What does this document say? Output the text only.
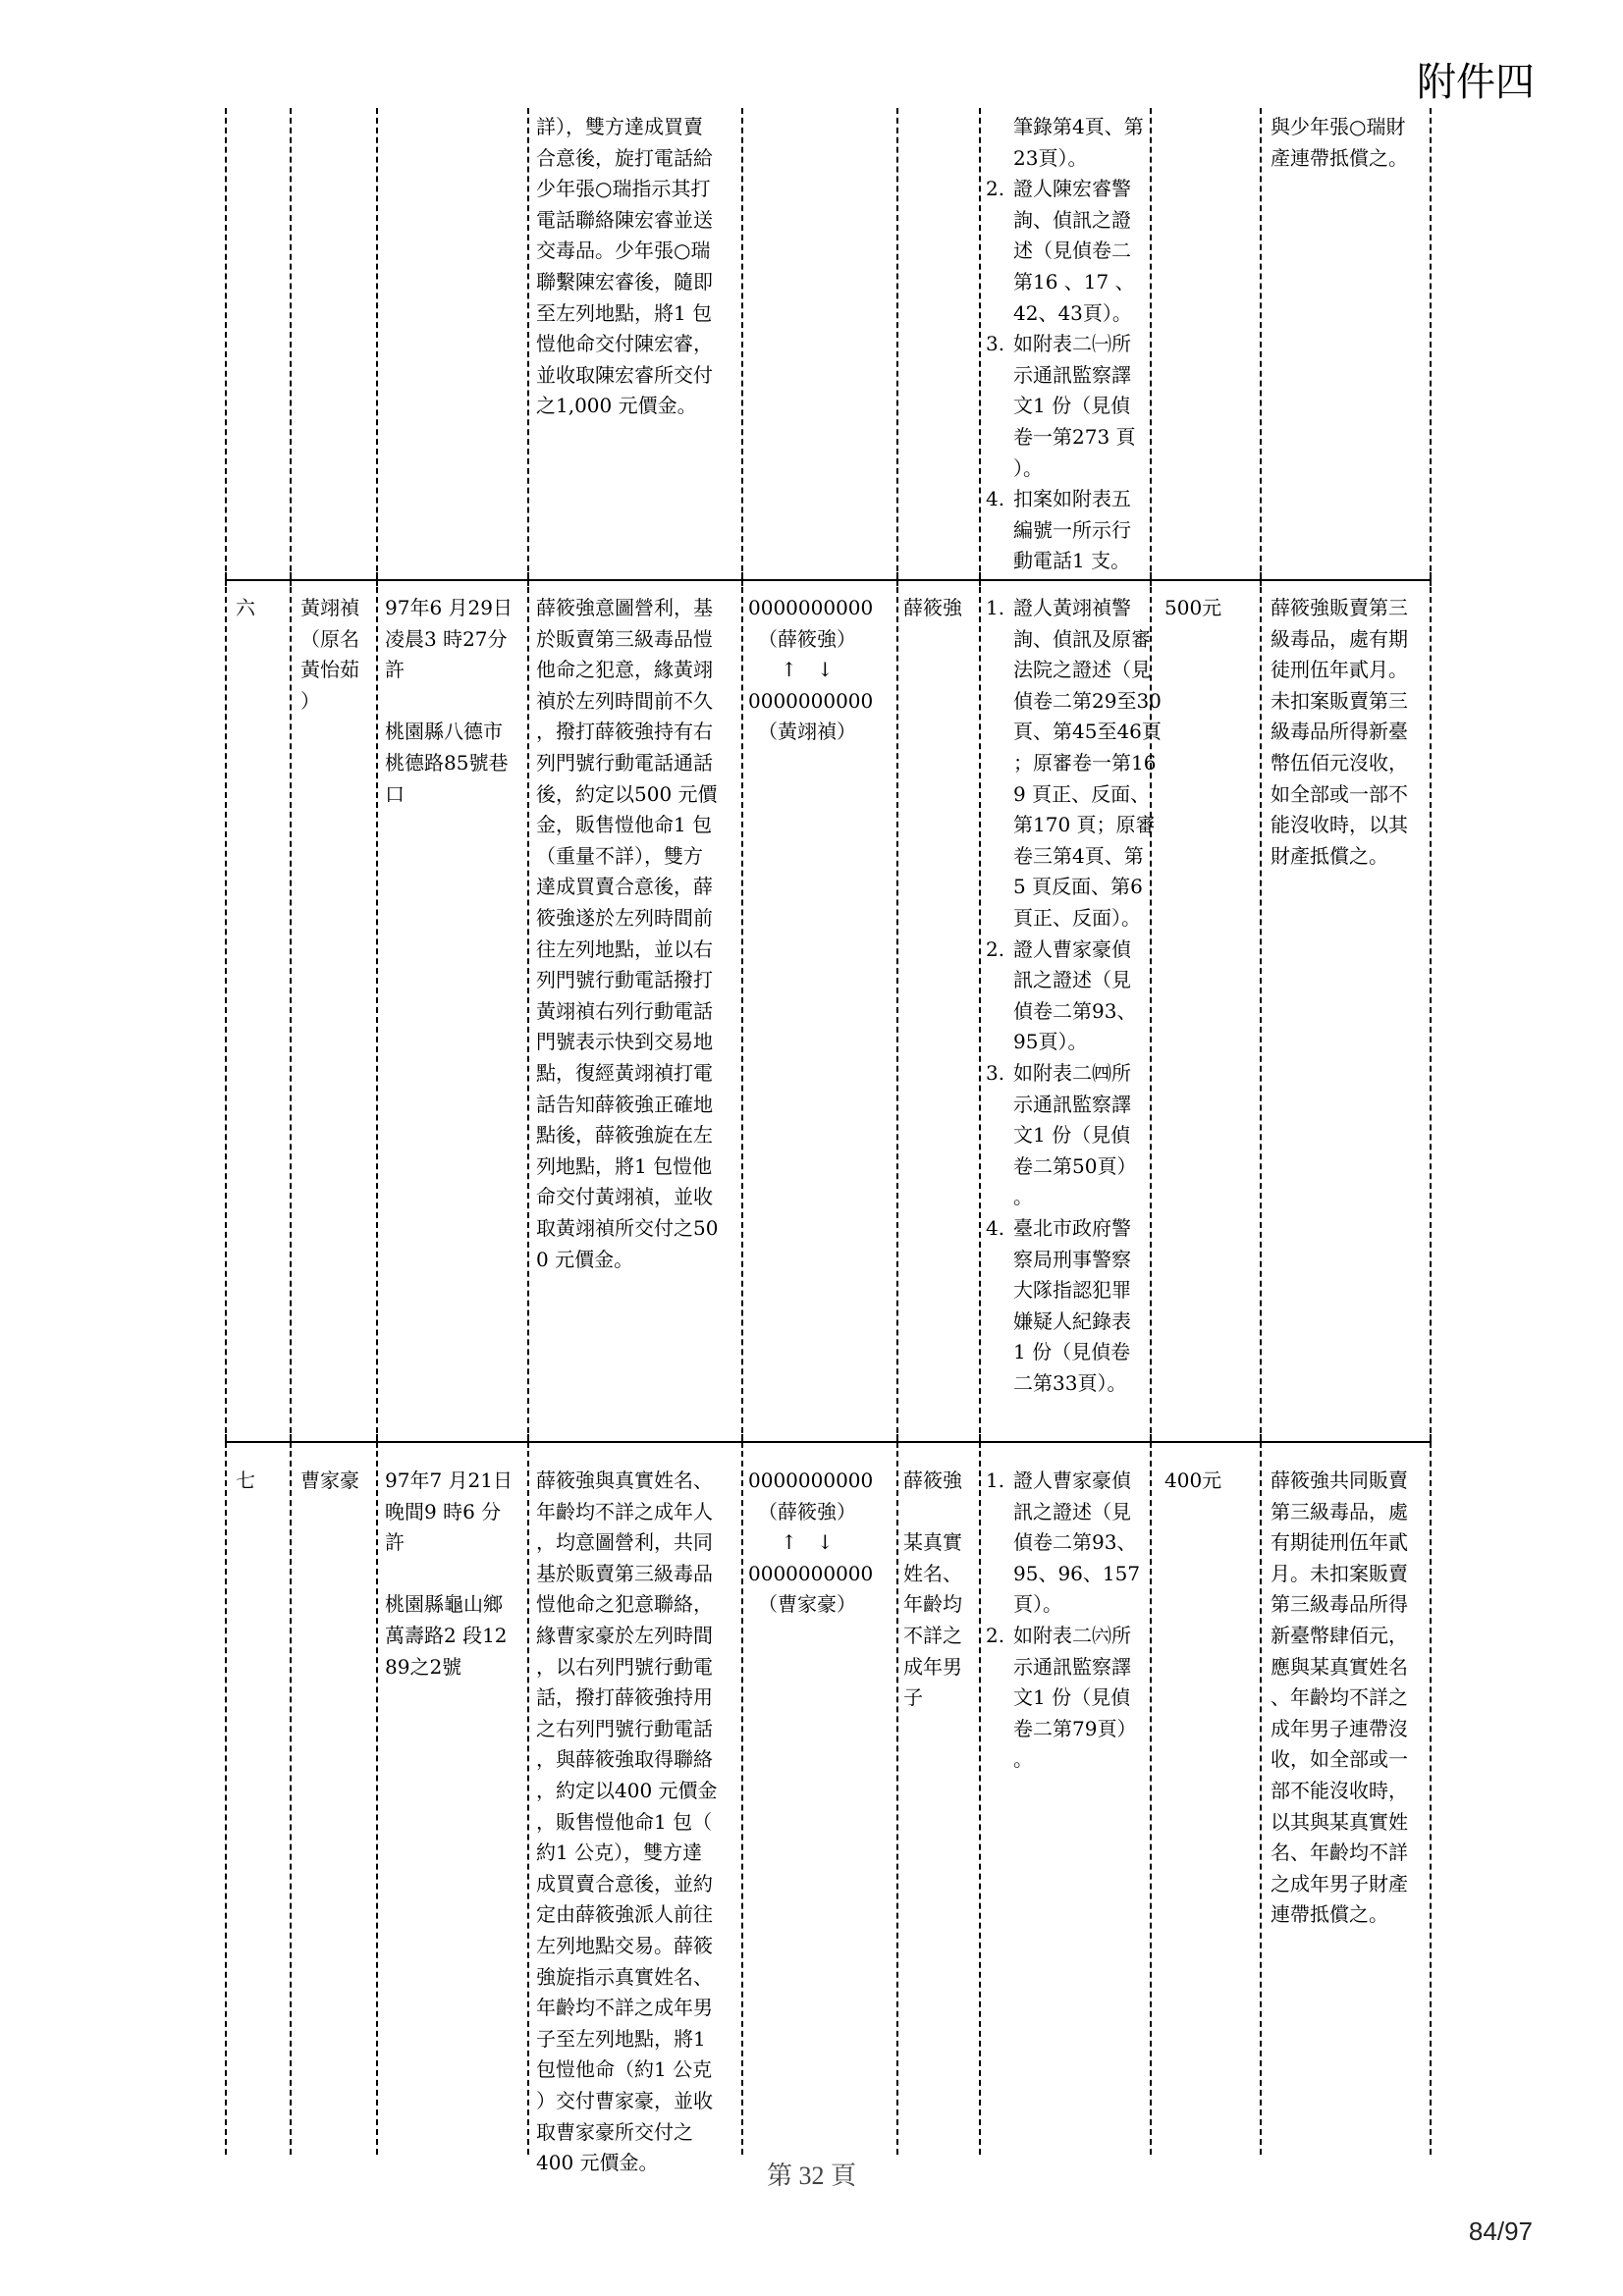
附件四
詳），雙方達成買賣
合意後，旋打電話給
少年張○瑞指示其打
電話聯絡陳宏睿並送
交毒品。少年張○瑞
聯繫陳宏睿後，隨即
至左列地點，將1 包
愷他命交付陳宏睿，
並收取陳宏睿所交付
之1,000 元價金。
筆錄第4頁、第
23頁）。
2. 證人陳宏睿警
詢、偵訊之證
述（見偵卷二
第16 、17 、
42、43頁）。
3. 如附表二㈠所
示通訊監察譯
文1 份（見偵
卷一第273 頁
）。
4. 扣案如附表五
編號一所示行
動電話1 支。
與少年張○瑞財
產連帶抵償之。
六 黃翊禎
（原名
黃怡茹
）
97年6 月29日
凌晨3 時27分
許
桃園縣八德市
桃德路85號巷
口
薛筱強意圖營利，基
於販賣第三級毒品愷
他命之犯意，緣黃翊
禎於左列時間前不久
，撥打薛筱強持有右
列門號行動電話通話
後，約定以500 元價
金，販售愷他命1 包
（重量不詳），雙方
達成買賣合意後，薛
筱強遂於左列時間前
往左列地點，並以右
列門號行動電話撥打
黃翊禎右列行動電話
門號表示快到交易地
點，復經黃翊禎打電
話告知薛筱強正確地
點後，薛筱強旋在左
列地點，將1 包愷他
命交付黃翊禎，並收
取黃翊禎所交付之50
0 元價金。
0000000000
（薛筱強）
↑　↓
0000000000
（黃翊禎）
薛筱強 1. 證人黃翊禎警
詢、偵訊及原審
法院之證述（見
偵卷二第29至30
頁、第45至46頁
；原審卷一第16
9 頁正、反面、
第170 頁；原審
卷三第4頁、第
5 頁反面、第6
頁正、反面）。
2. 證人曹家豪偵
訊之證述（見
偵卷二第93、
95頁）。
3. 如附表二㈣所
示通訊監察譯
文1 份（見偵
卷二第50頁）
。
4. 臺北市政府警
察局刑事警察
大隊指認犯罪
嫌疑人紀錄表
1 份（見偵卷
二第33頁）。
500元 薛筱強販賣第三
級毒品，處有期
徒刑伍年貳月。
未扣案販賣第三
級毒品所得新臺
幣伍佰元沒收，
如全部或一部不
能沒收時，以其
財產抵償之。
七 曹家豪 97年7 月21日
晚間9 時6 分
許
桃園縣龜山鄉
萬壽路2 段12
89之2號
薛筱強與真實姓名、
年齡均不詳之成年人
，均意圖營利，共同
基於販賣第三級毒品
愷他命之犯意聯絡，
緣曹家豪於左列時間
，以右列門號行動電
話，撥打薛筱強持用
之右列門號行動電話
，與薛筱強取得聯絡
，約定以400 元價金
，販售愷他命1 包（
約1 公克），雙方達
成買賣合意後，並約
定由薛筱強派人前往
左列地點交易。薛筱
強旋指示真實姓名、
年齡均不詳之成年男
子至左列地點，將1
包愷他命（約1 公克
）交付曹家豪，並收
取曹家豪所交付之
400 元價金。
0000000000
（薛筱強）
↑　↓
0000000000
（曹家豪）
薛筱強
某真實
姓名、
年齡均
不詳之
成年男
子
1. 證人曹家豪偵
訊之證述（見
偵卷二第93、
95、96、157
頁）。
2. 如附表二㈥所
示通訊監察譯
文1 份（見偵
卷二第79頁）
。
400元 薛筱強共同販賣
第三級毒品，處
有期徒刑伍年貳
月。未扣案販賣
第三級毒品所得
新臺幣肆佰元，
應與某真實姓名
、年齡均不詳之
成年男子連帶沒
收，如全部或一
部不能沒收時，
以其與某真實姓
名、年齡均不詳
之成年男子財產
連帶抵償之。
第 32 頁
84/97
